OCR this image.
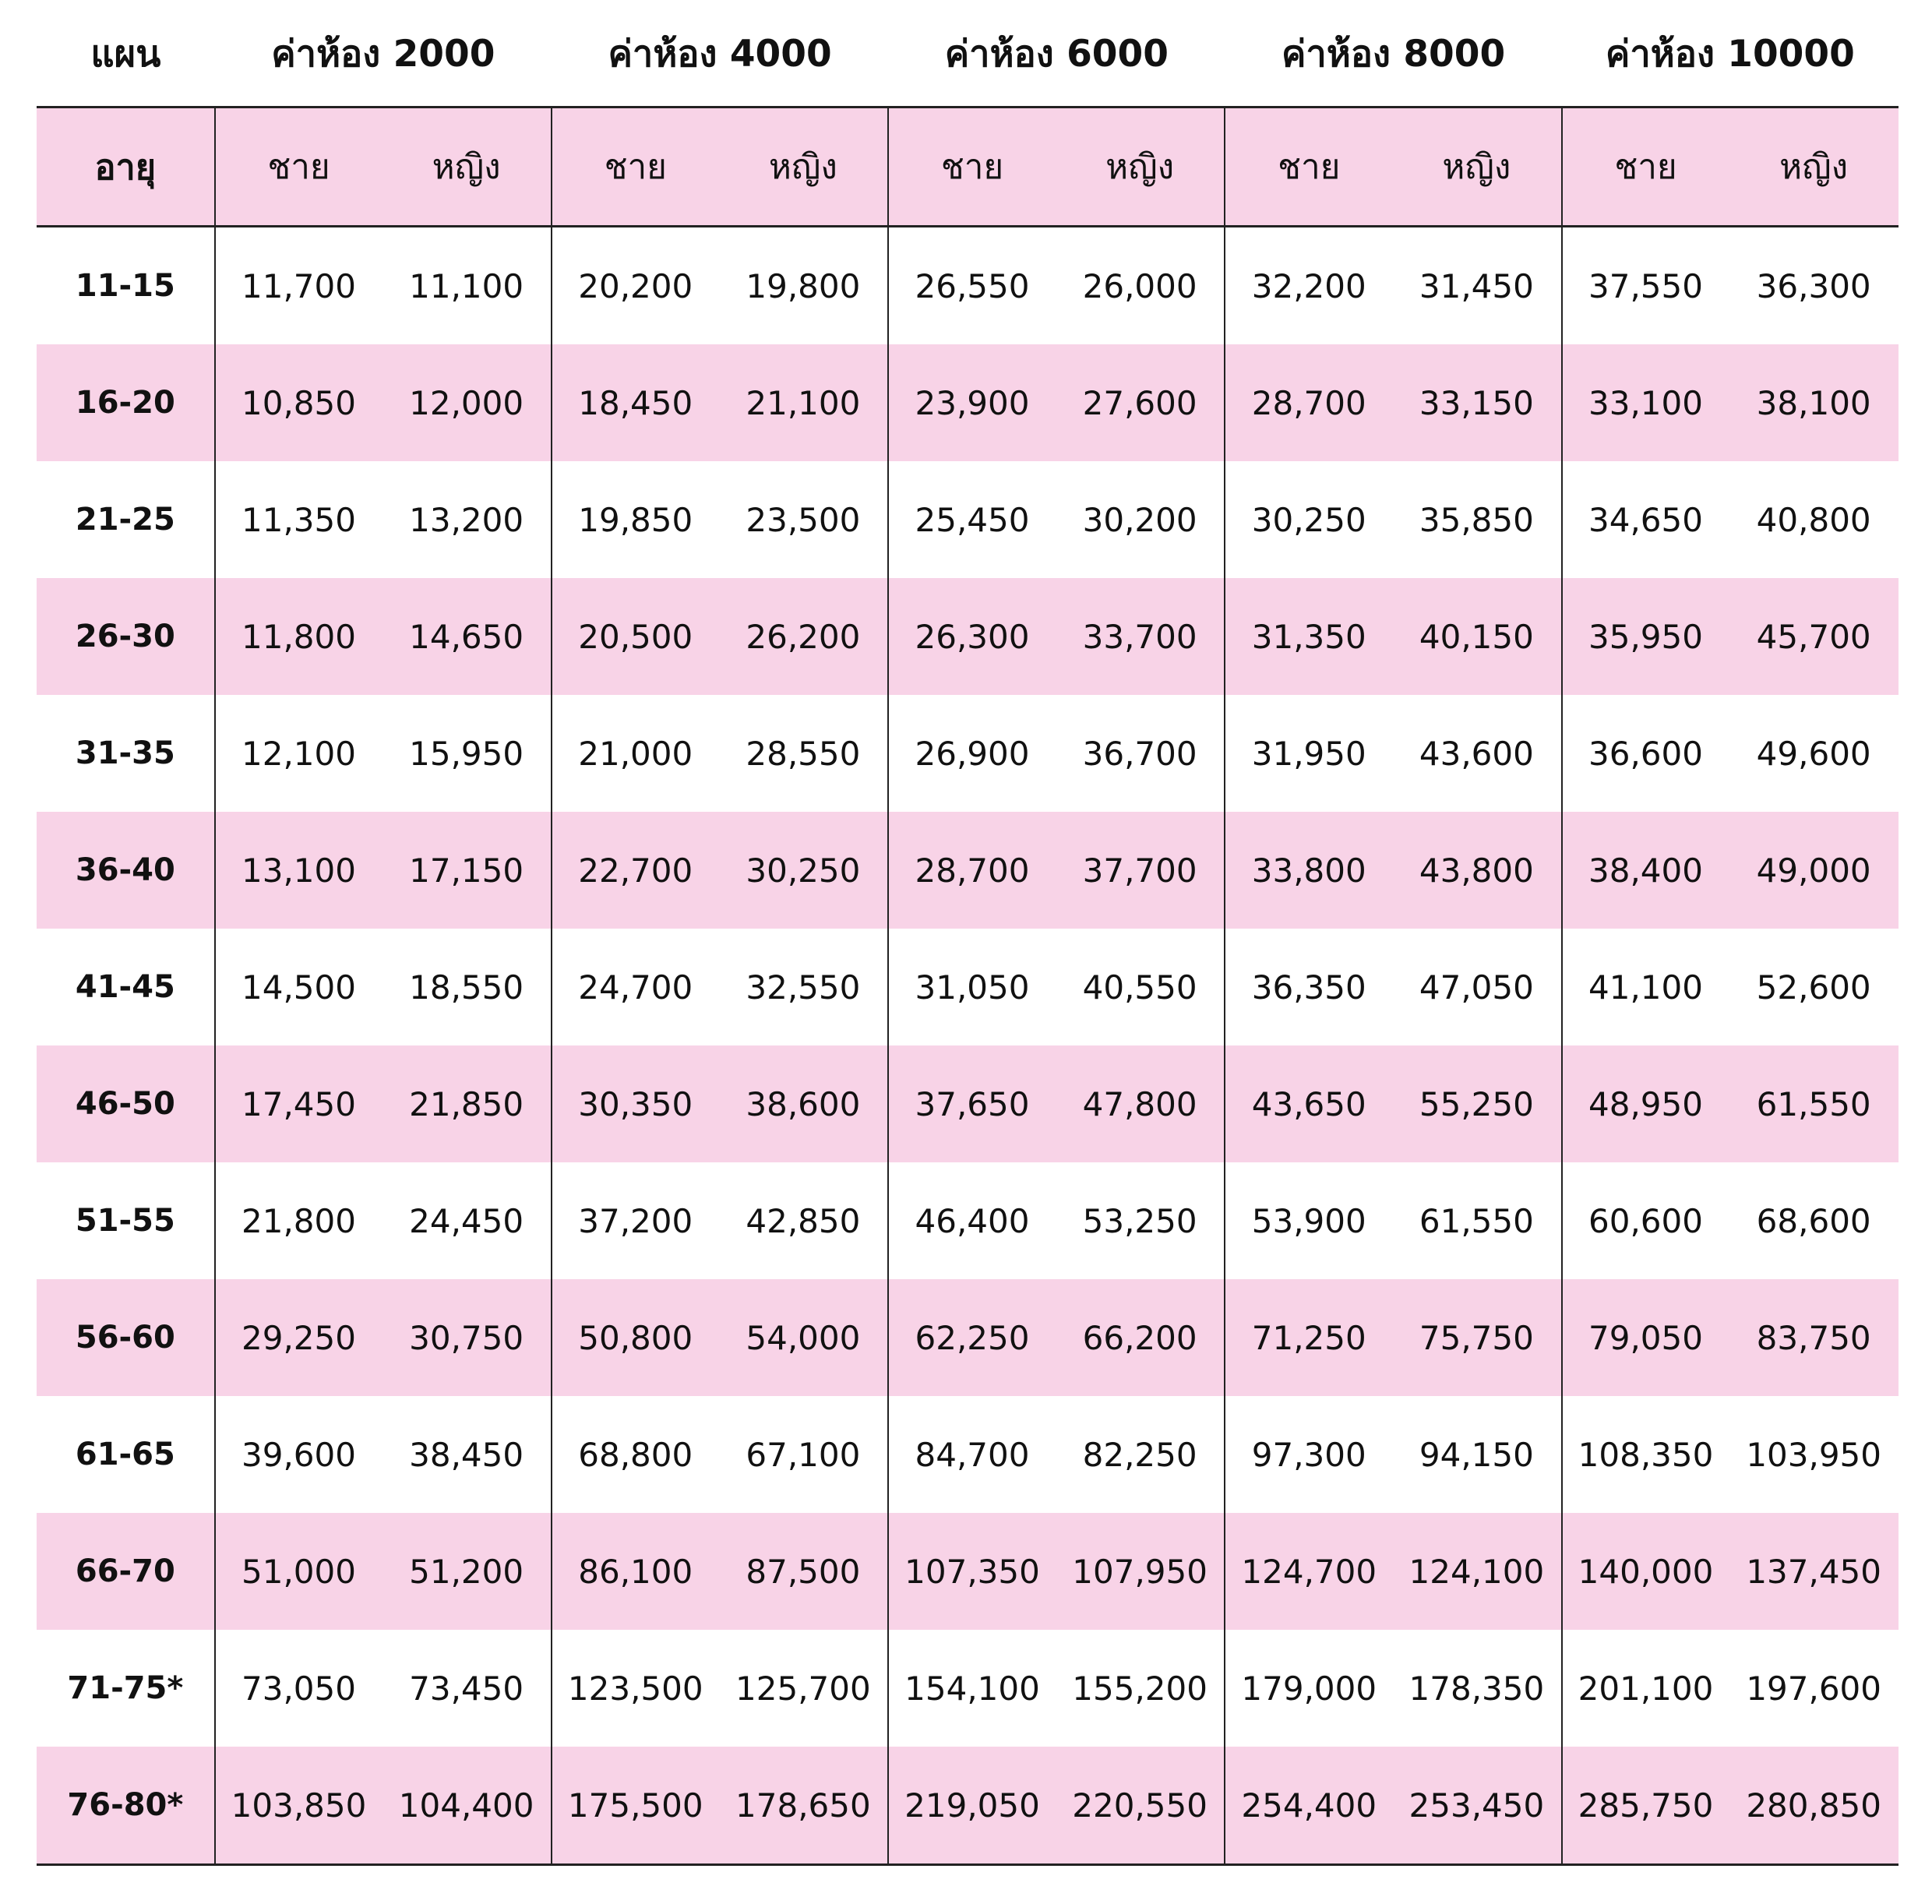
แผน	ค่าห้อง 2000		ค่าห้อง 4000		ค่าห้อง 6000		ค่าห้อง 8000		ค่าห้อง 10000	
อายุ	ชาย	หญิง	ชาย	หญิง	ชาย	หญิง	ชาย	หญิง	ชาย	หญิง
11-15	11,700	11,100	20,200	19,800	26,550	26,000	32,200	31,450	37,550	36,300
16-20	10,850	12,000	18,450	21,100	23,900	27,600	28,700	33,150	33,100	38,100
21-25	11,350	13,200	19,850	23,500	25,450	30,200	30,250	35,850	34,650	40,800
26-30	11,800	14,650	20,500	26,200	26,300	33,700	31,350	40,150	35,950	45,700
31-35	12,100	15,950	21,000	28,550	26,900	36,700	31,950	43,600	36,600	49,600
36-40	13,100	17,150	22,700	30,250	28,700	37,700	33,800	43,800	38,400	49,000
41-45	14,500	18,550	24,700	32,550	31,050	40,550	36,350	47,050	41,100	52,600
46-50	17,450	21,850	30,350	38,600	37,650	47,800	43,650	55,250	48,950	61,550
51-55	21,800	24,450	37,200	42,850	46,400	53,250	53,900	61,550	60,600	68,600
56-60	29,250	30,750	50,800	54,000	62,250	66,200	71,250	75,750	79,050	83,750
61-65	39,600	38,450	68,800	67,100	84,700	82,250	97,300	94,150	108,350	103,950
66-70	51,000	51,200	86,100	87,500	107,350	107,950	124,700	124,100	140,000	137,450
71-75*	73,050	73,450	123,500	125,700	154,100	155,200	179,000	178,350	201,100	197,600
76-80*	103,850	104,400	175,500	178,650	219,050	220,550	254,400	253,450	285,750	280,850
